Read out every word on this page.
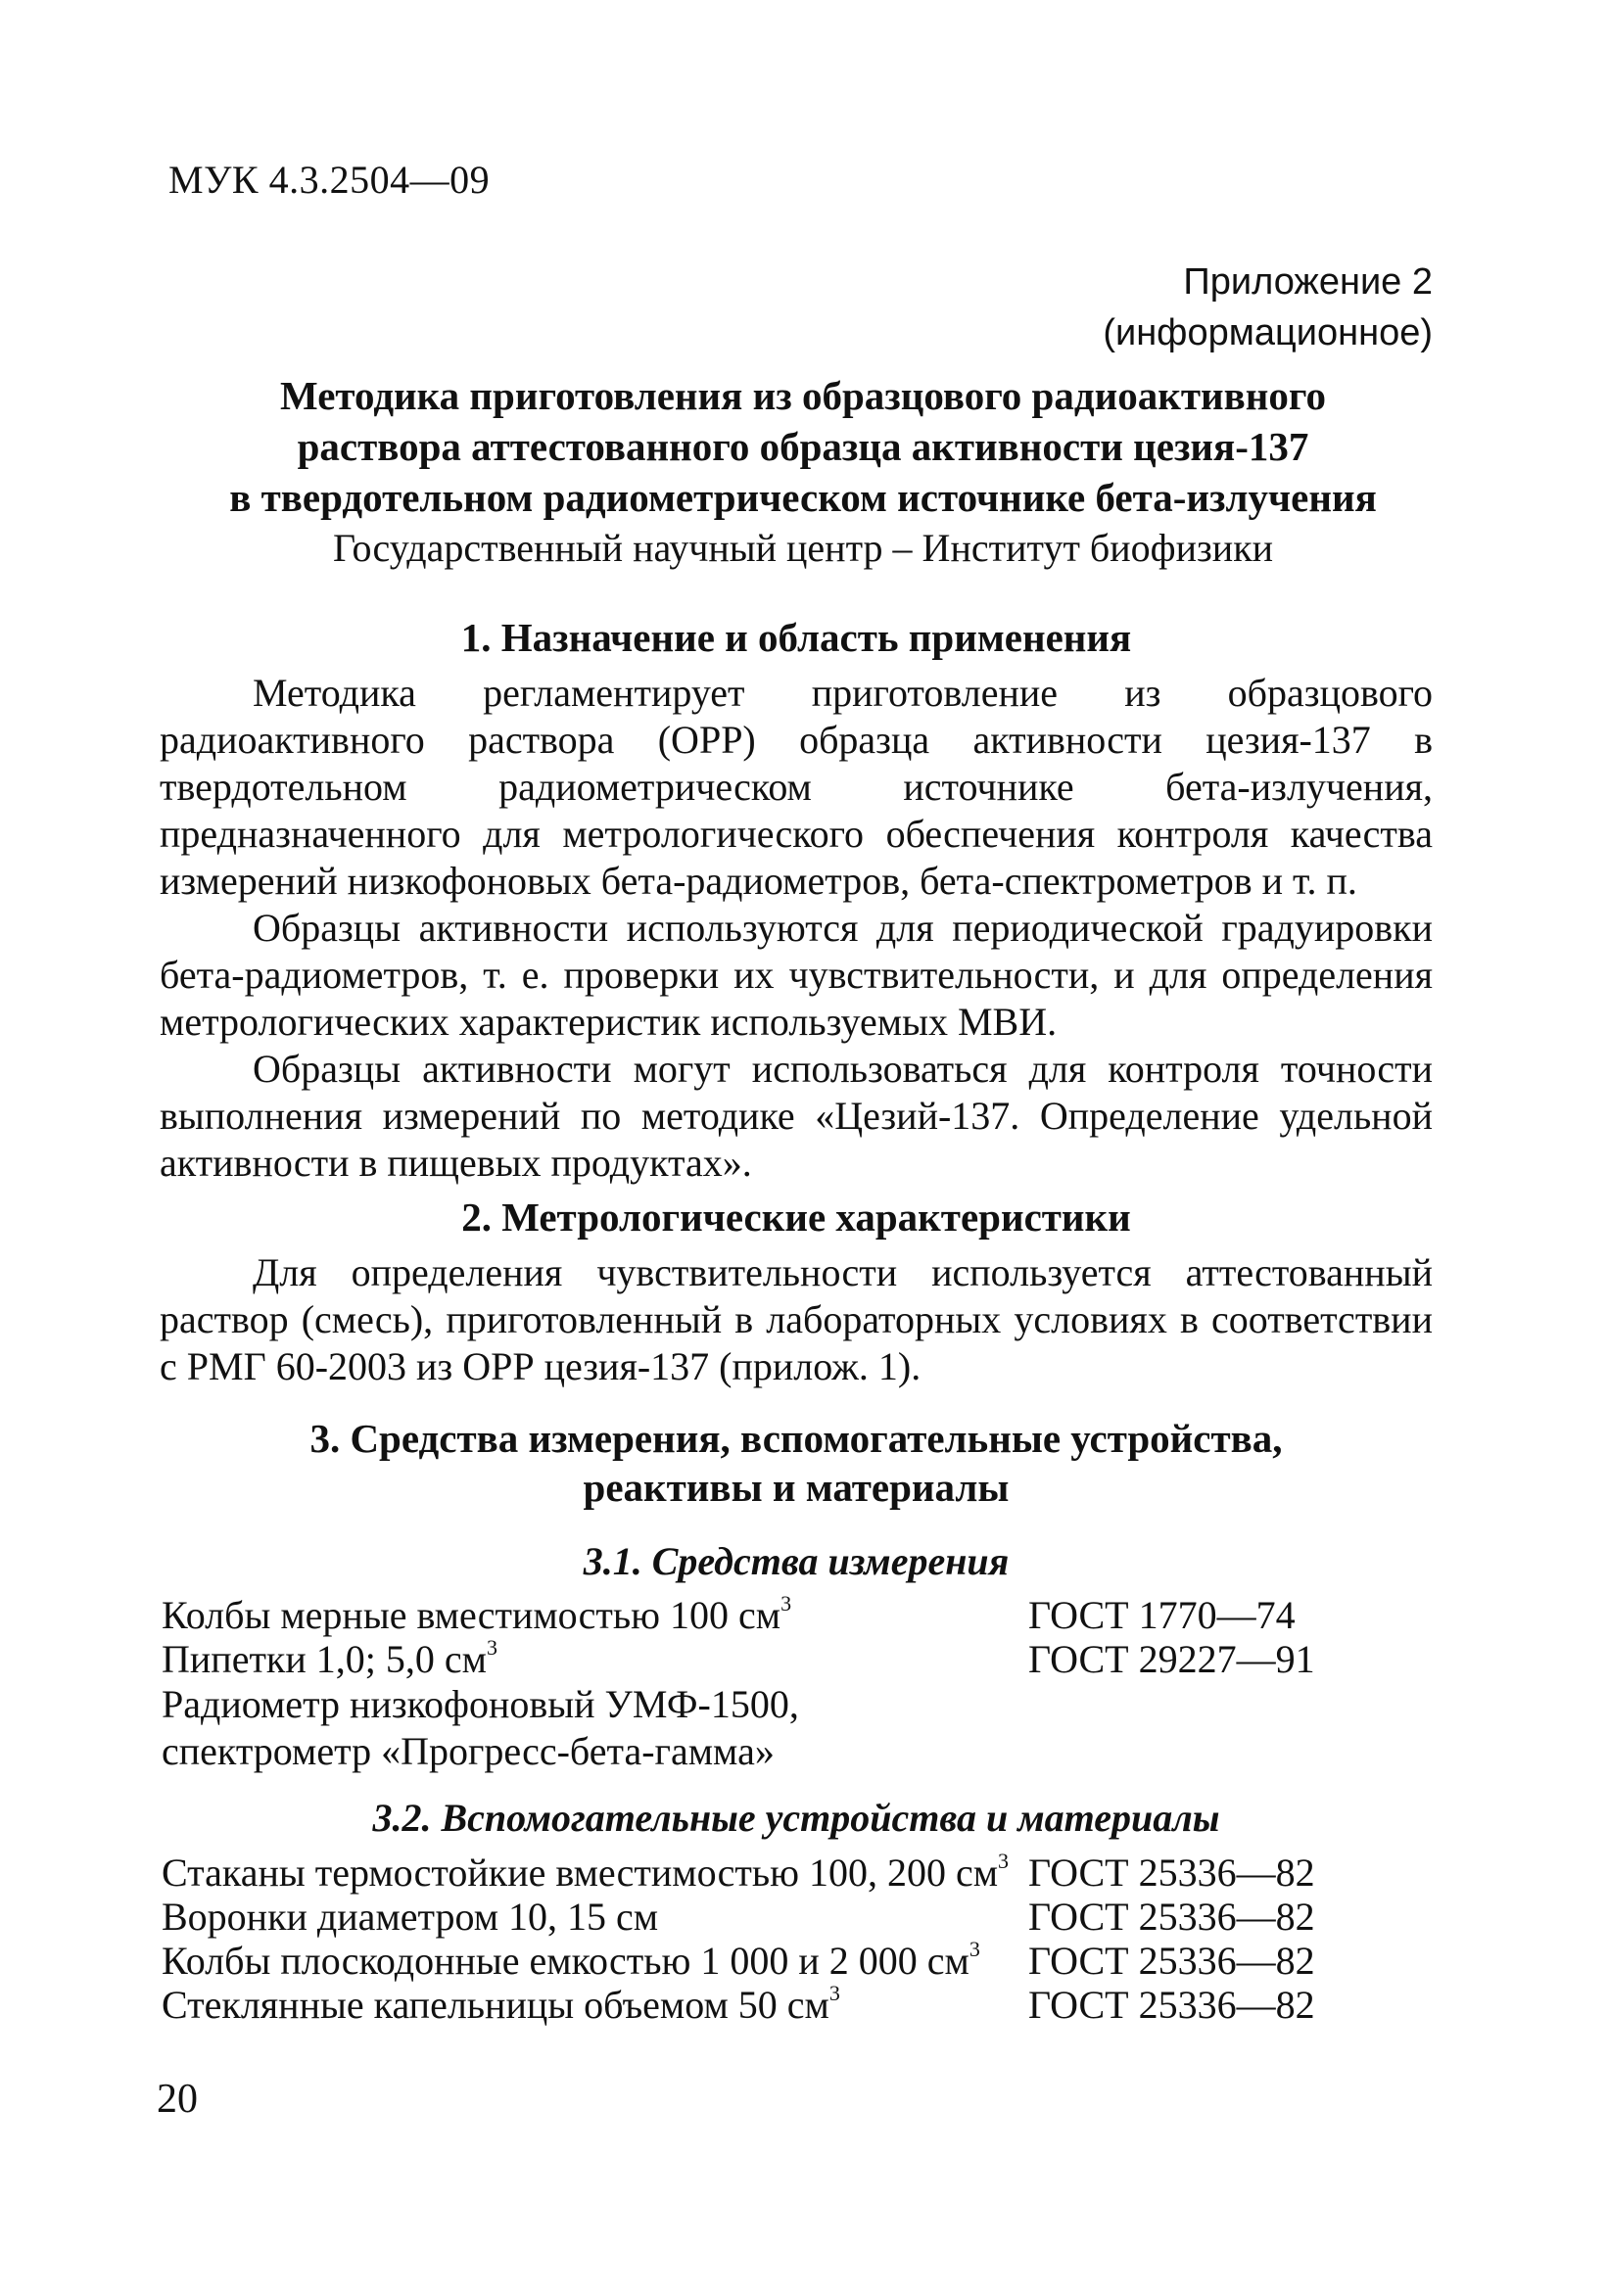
МУК 4.3.2504—09
Приложение 2
(информационное)
Методика приготовления из образцового радиоактивного
раствора аттестованного образца активности цезия-137
в твердотельном радиометрическом источнике бета-излучения
Государственный научный центр – Институт биофизики
1. Назначение и область применения

Методика регламентирует приготовление из образцового радиоактивного раствора (ОРР) образца активности цезия-137 в твердотельном радиометрическом источнике бета-излучения, предназначенного для метрологического обеспечения контроля качества измерений низкофоновых бета-радиометров, бета-спектрометров и т. п.

Образцы активности используются для периодической градуировки бета-радиометров, т. е. проверки их чувствительности, и для определения метрологических характеристик используемых МВИ.

Образцы активности могут использоваться для контроля точности выполнения измерений по методике «Цезий-137. Определение удельной активности в пищевых продуктах».

2. Метрологические характеристики

Для определения чувствительности используется аттестованный раствор (смесь), приготовленный в лабораторных условиях в соответствии с РМГ 60-2003 из ОРР цезия-137 (прилож. 1).

3. Средства измерения, вспомогательные устройства,
реактивы и материалы
3.1. Средства измерения
Колбы мерные вместимостью 100 $см^3$	ГОСТ 1770—74
Пипетки 1,0; 5,0 $см^3$	ГОСТ 29227—91
Радиометр низкофоновый УМФ-1500, спектрометр «Прогресс-бета-гамма»
3.2. Вспомогательные устройства и материалы
Стаканы термостойкие вместимостью 100, 200 $см^3$ ГОСТ 25336—82
Воронки диаметром 10, 15 см	ГОСТ 25336—82
Колбы плоскодонные емкостью 1 000 и 2 000 $см^3$ ГОСТ 25336—82
Стеклянные капельницы объемом 50 $см^3$	ГОСТ 25336—82
20
